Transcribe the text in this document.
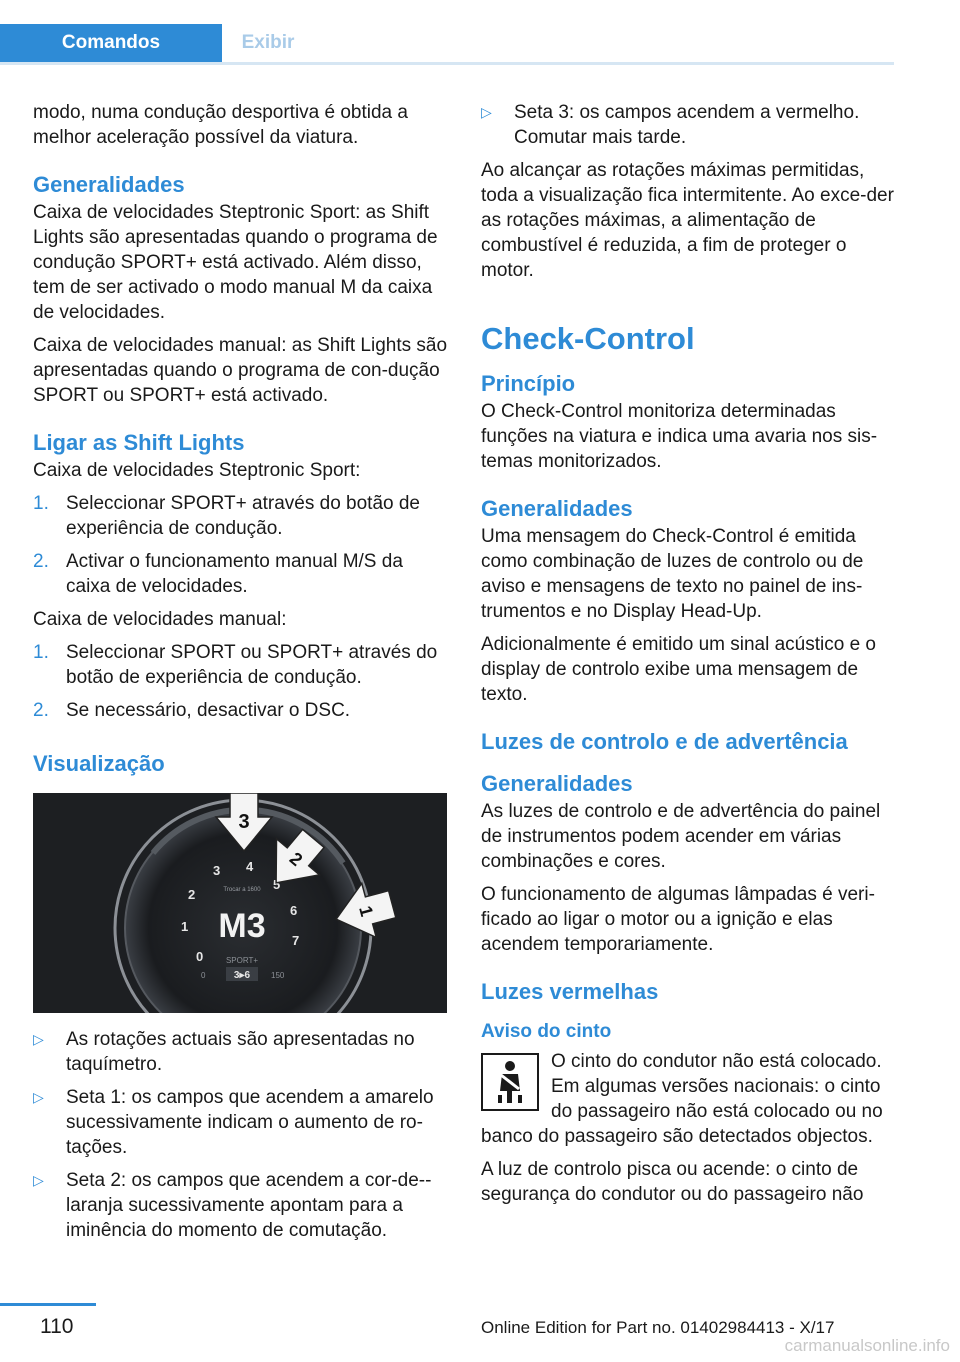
Comandos	Exibir

modo, numa condução desportiva é obtida a melhor aceleração possível da viatura.

Generalidades

Caixa de velocidades Steptronic Sport: as Shift Lights são apresentadas quando o programa de condução SPORT+ está activado. Além disso, tem de ser activado o modo manual M da caixa de velocidades.

Caixa de velocidades manual: as Shift Lights são apresentadas quando o programa de con‐dução SPORT ou SPORT+ está activado.

Ligar as Shift Lights

Caixa de velocidades Steptronic Sport:

1. Seleccionar SPORT+ através do botão de experiência de condução.
2. Activar o funcionamento manual M/S da caixa de velocidades.

Caixa de velocidades manual:

1. Seleccionar SPORT ou SPORT+ através do botão de experiência de condução.
2. Se necessário, desactivar o DSC.
Visualização
0
1
2
3 4
5
6
7
Trocar a 1600
M3
SPORT+
3▸6
0	150
3
2
1
▷ As rotações actuais são apresentadas no taquímetro.
▷ Seta 1: os campos que acendem a amarelo sucessivamente indicam o aumento de ro‐tações.
▷ Seta 2: os campos que acendem a cor-de--laranja sucessivamente apontam para a iminência do momento de comutação.
▷ Seta 3: os campos acendem a vermelho. Comutar mais tarde.

Ao alcançar as rotações máximas permitidas, toda a visualização fica intermitente. Ao exce‐der as rotações máximas, a alimentação de combustível é reduzida, a fim de proteger o motor.

Check-Control
Princípio

O Check-Control monitoriza determinadas funções na viatura e indica uma avaria nos sis‐temas monitorizados.

Generalidades

Uma mensagem do Check-Control é emitida como combinação de luzes de controlo ou de aviso e mensagens de texto no painel de ins‐trumentos e no Display Head-Up.

Adicionalmente é emitido um sinal acústico e o display de controlo exibe uma mensagem de texto.

Luzes de controlo e de advertência
Generalidades

As luzes de controlo e de advertência do painel de instrumentos podem acender em várias combinações e cores.

O funcionamento de algumas lâmpadas é veri‐ficado ao ligar o motor ou a ignição e elas acendem temporariamente.

Luzes vermelhas
Aviso do cinto

O cinto do condutor não está colocado. Em algumas versões nacionais: o cinto do passageiro não está colocado ou no banco do passageiro são detectados objectos.

A luz de controlo pisca ou acende: o cinto de segurança do condutor ou do passageiro não

110	Online Edition for Part no. 01402984413 - X/17
carmanualsonline.info
